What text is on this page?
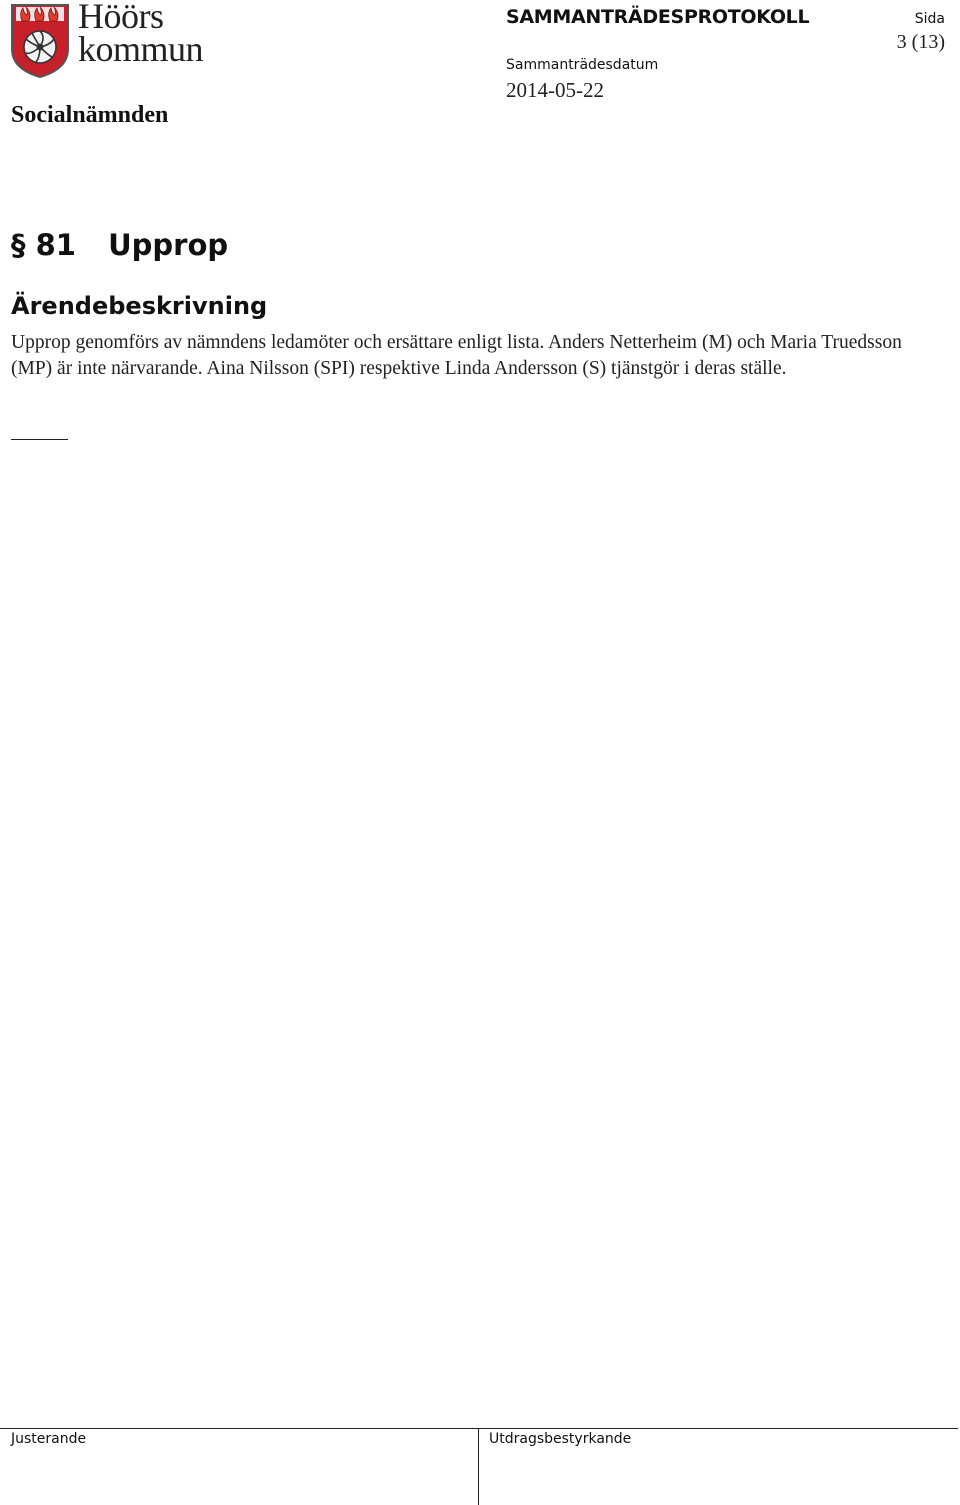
Höörs
kommun
Socialnämnden
SAMMANTRÄDESPROTOKOLL
Sammanträdesdatum
2014-05-22
Sida
3 (13)
§ 81 Upprop
Ärendebeskrivning

Upprop genomförs av nämndens ledamöter och ersättare enligt lista. Anders Netterheim (M) och Maria Truedsson (MP) är inte närvarande. Aina Nilsson (SPI) respektive Linda Andersson (S) tjänstgör i deras ställe.

Justerande	Utdragsbestyrkande
